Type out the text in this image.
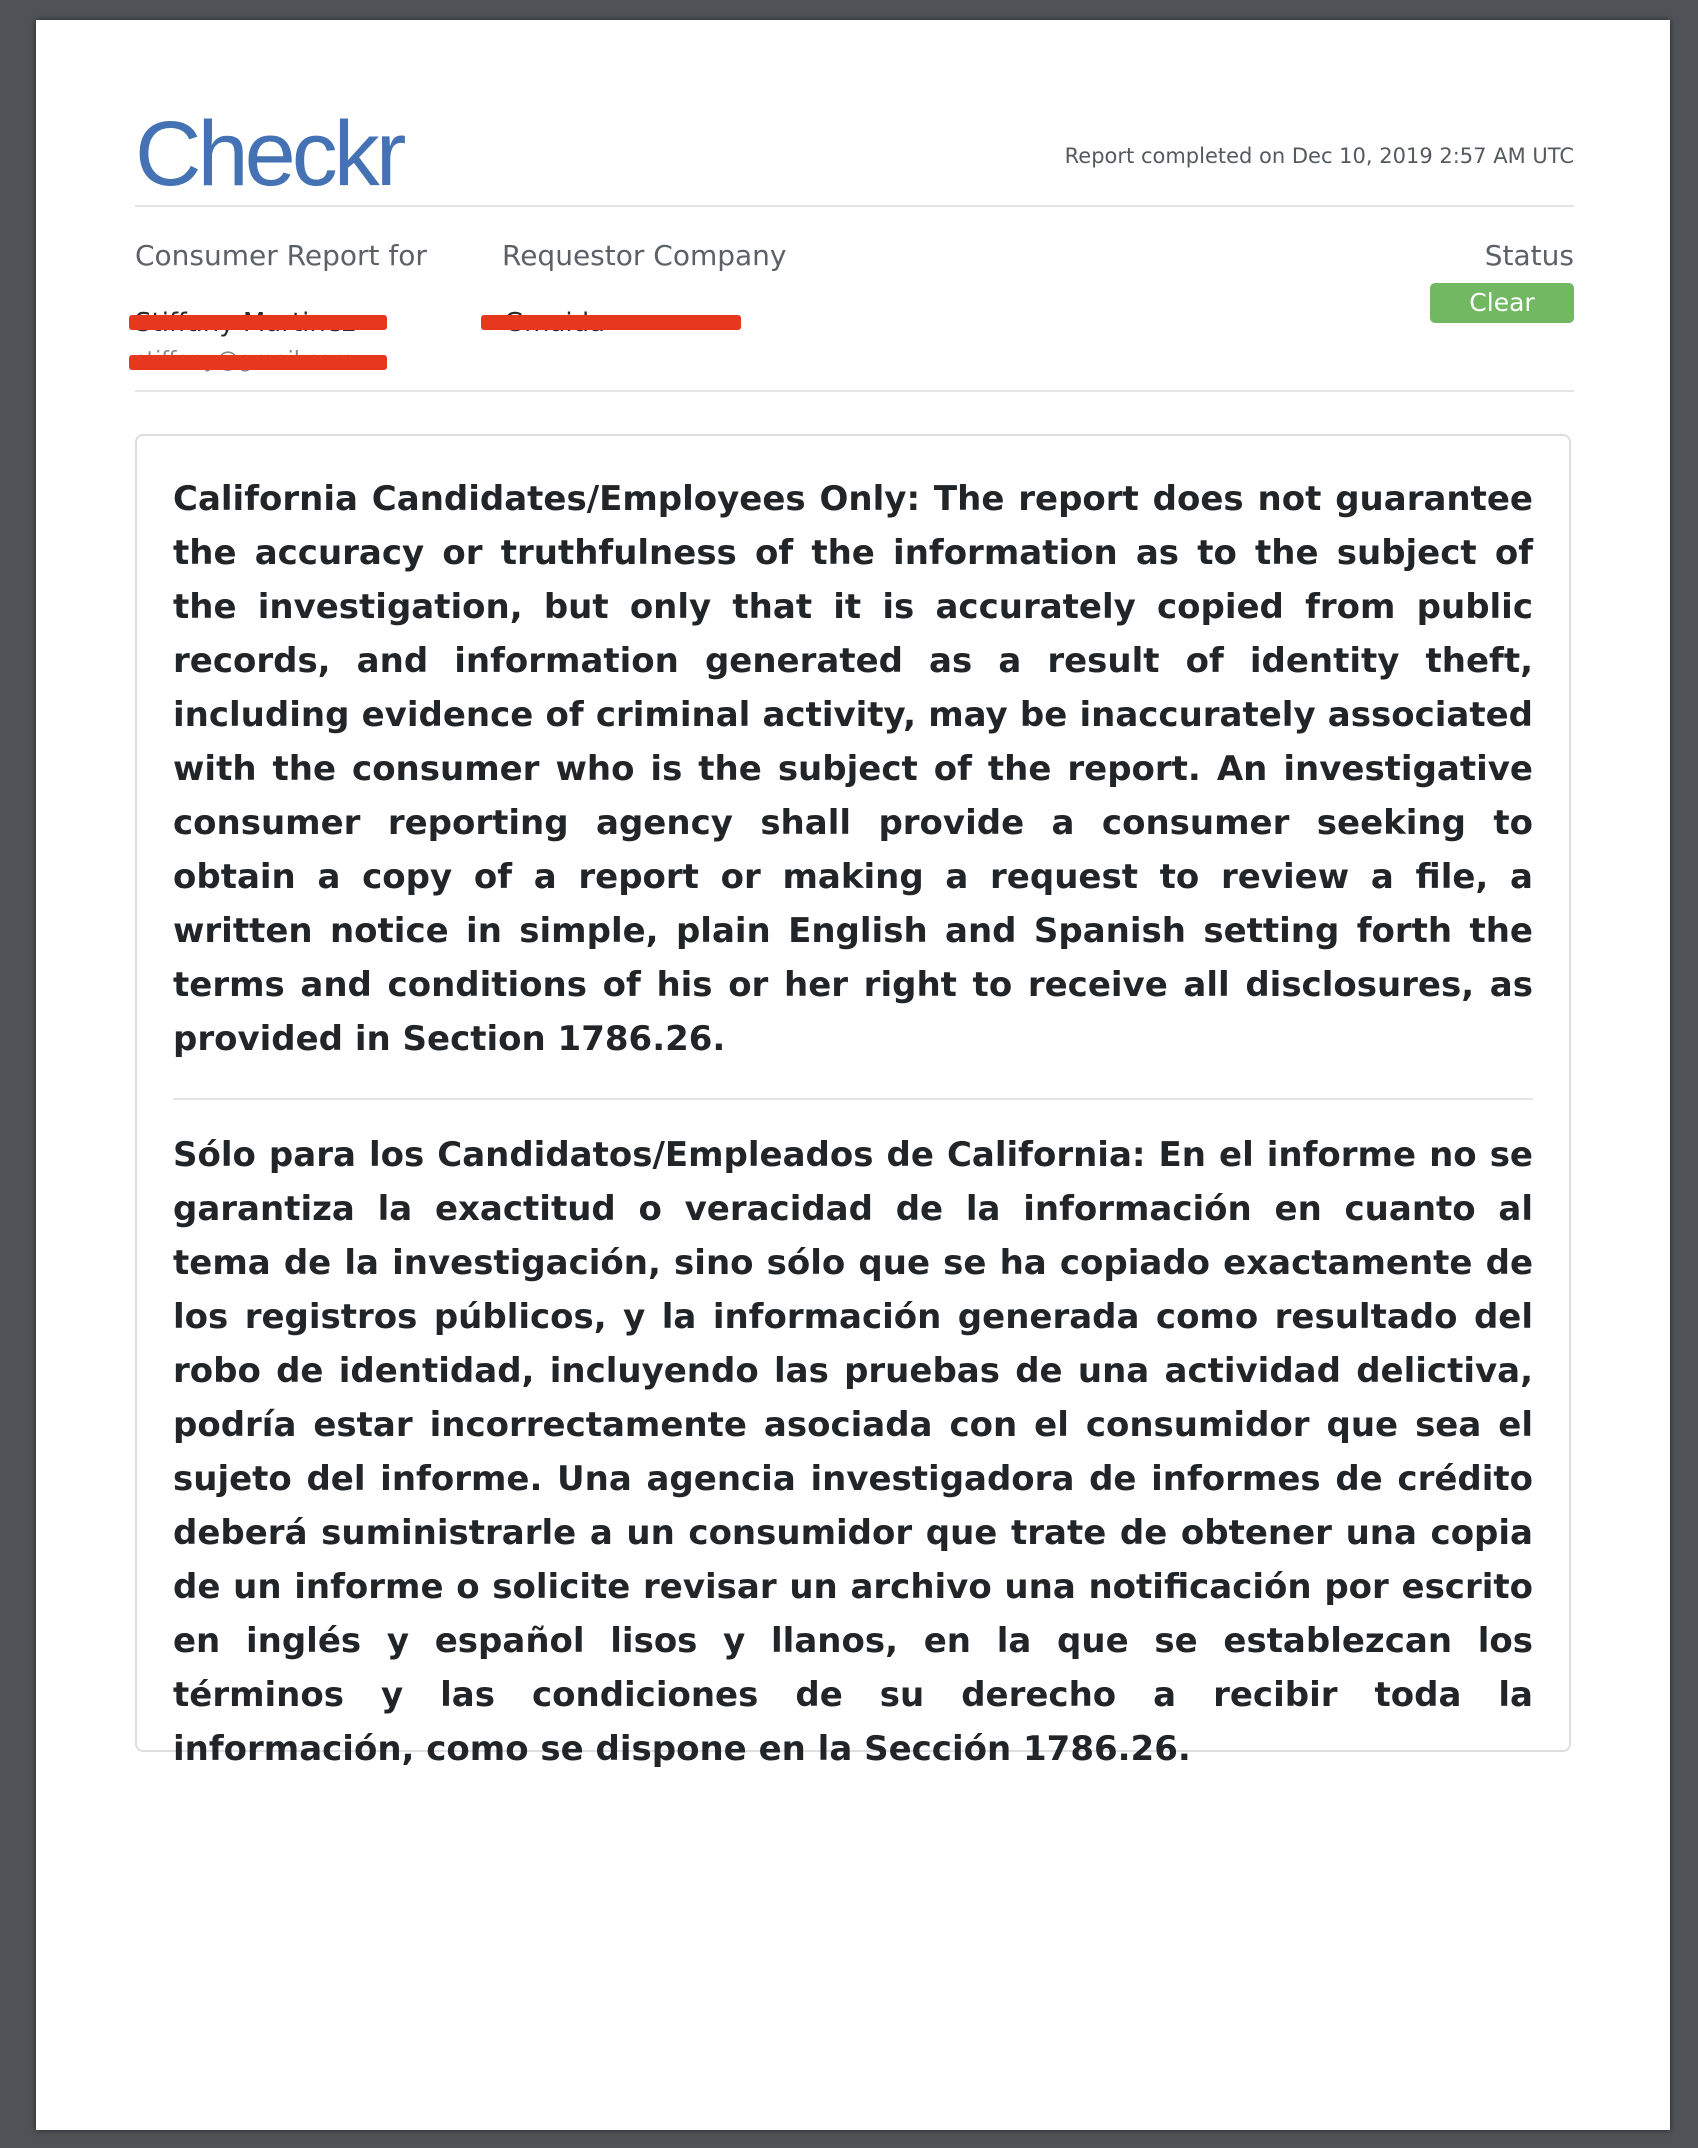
Checkr	Report completed on Dec 10, 2019 2:57 AM UTC
Consumer Report for	Requestor Company	Status
Clear

California Candidates/Employees Only: The report does not guarantee the accuracy or truthfulness of the information as to the subject of the investigation, but only that it is accurately copied from public records, and information generated as a result of identity theft, including evidence of criminal activity, may be inaccurately associated with the consumer who is the subject of the report. An investigative consumer reporting agency shall provide a consumer seeking to obtain a copy of a report or making a request to review a file, a written notice in simple, plain English and Spanish setting forth the terms and conditions of his or her right to receive all disclosures, as provided in Section 1786.26.

Sólo para los Candidatos/Empleados de California: En el informe no se garantiza la exactitud o veracidad de la información en cuanto al tema de la investigación, sino sólo que se ha copiado exactamente de los registros públicos, y la información generada como resultado del robo de identidad, incluyendo las pruebas de una actividad delictiva, podría estar incorrectamente asociada con el consumidor que sea el sujeto del informe. Una agencia investigadora de informes de crédito deberá suministrarle a un consumidor que trate de obtener una copia de un informe o solicite revisar un archivo una notificación por escrito en inglés y español lisos y llanos, en la que se establezcan los términos y las condiciones de su derecho a recibir toda la información, como se dispone en la Sección 1786.26.
